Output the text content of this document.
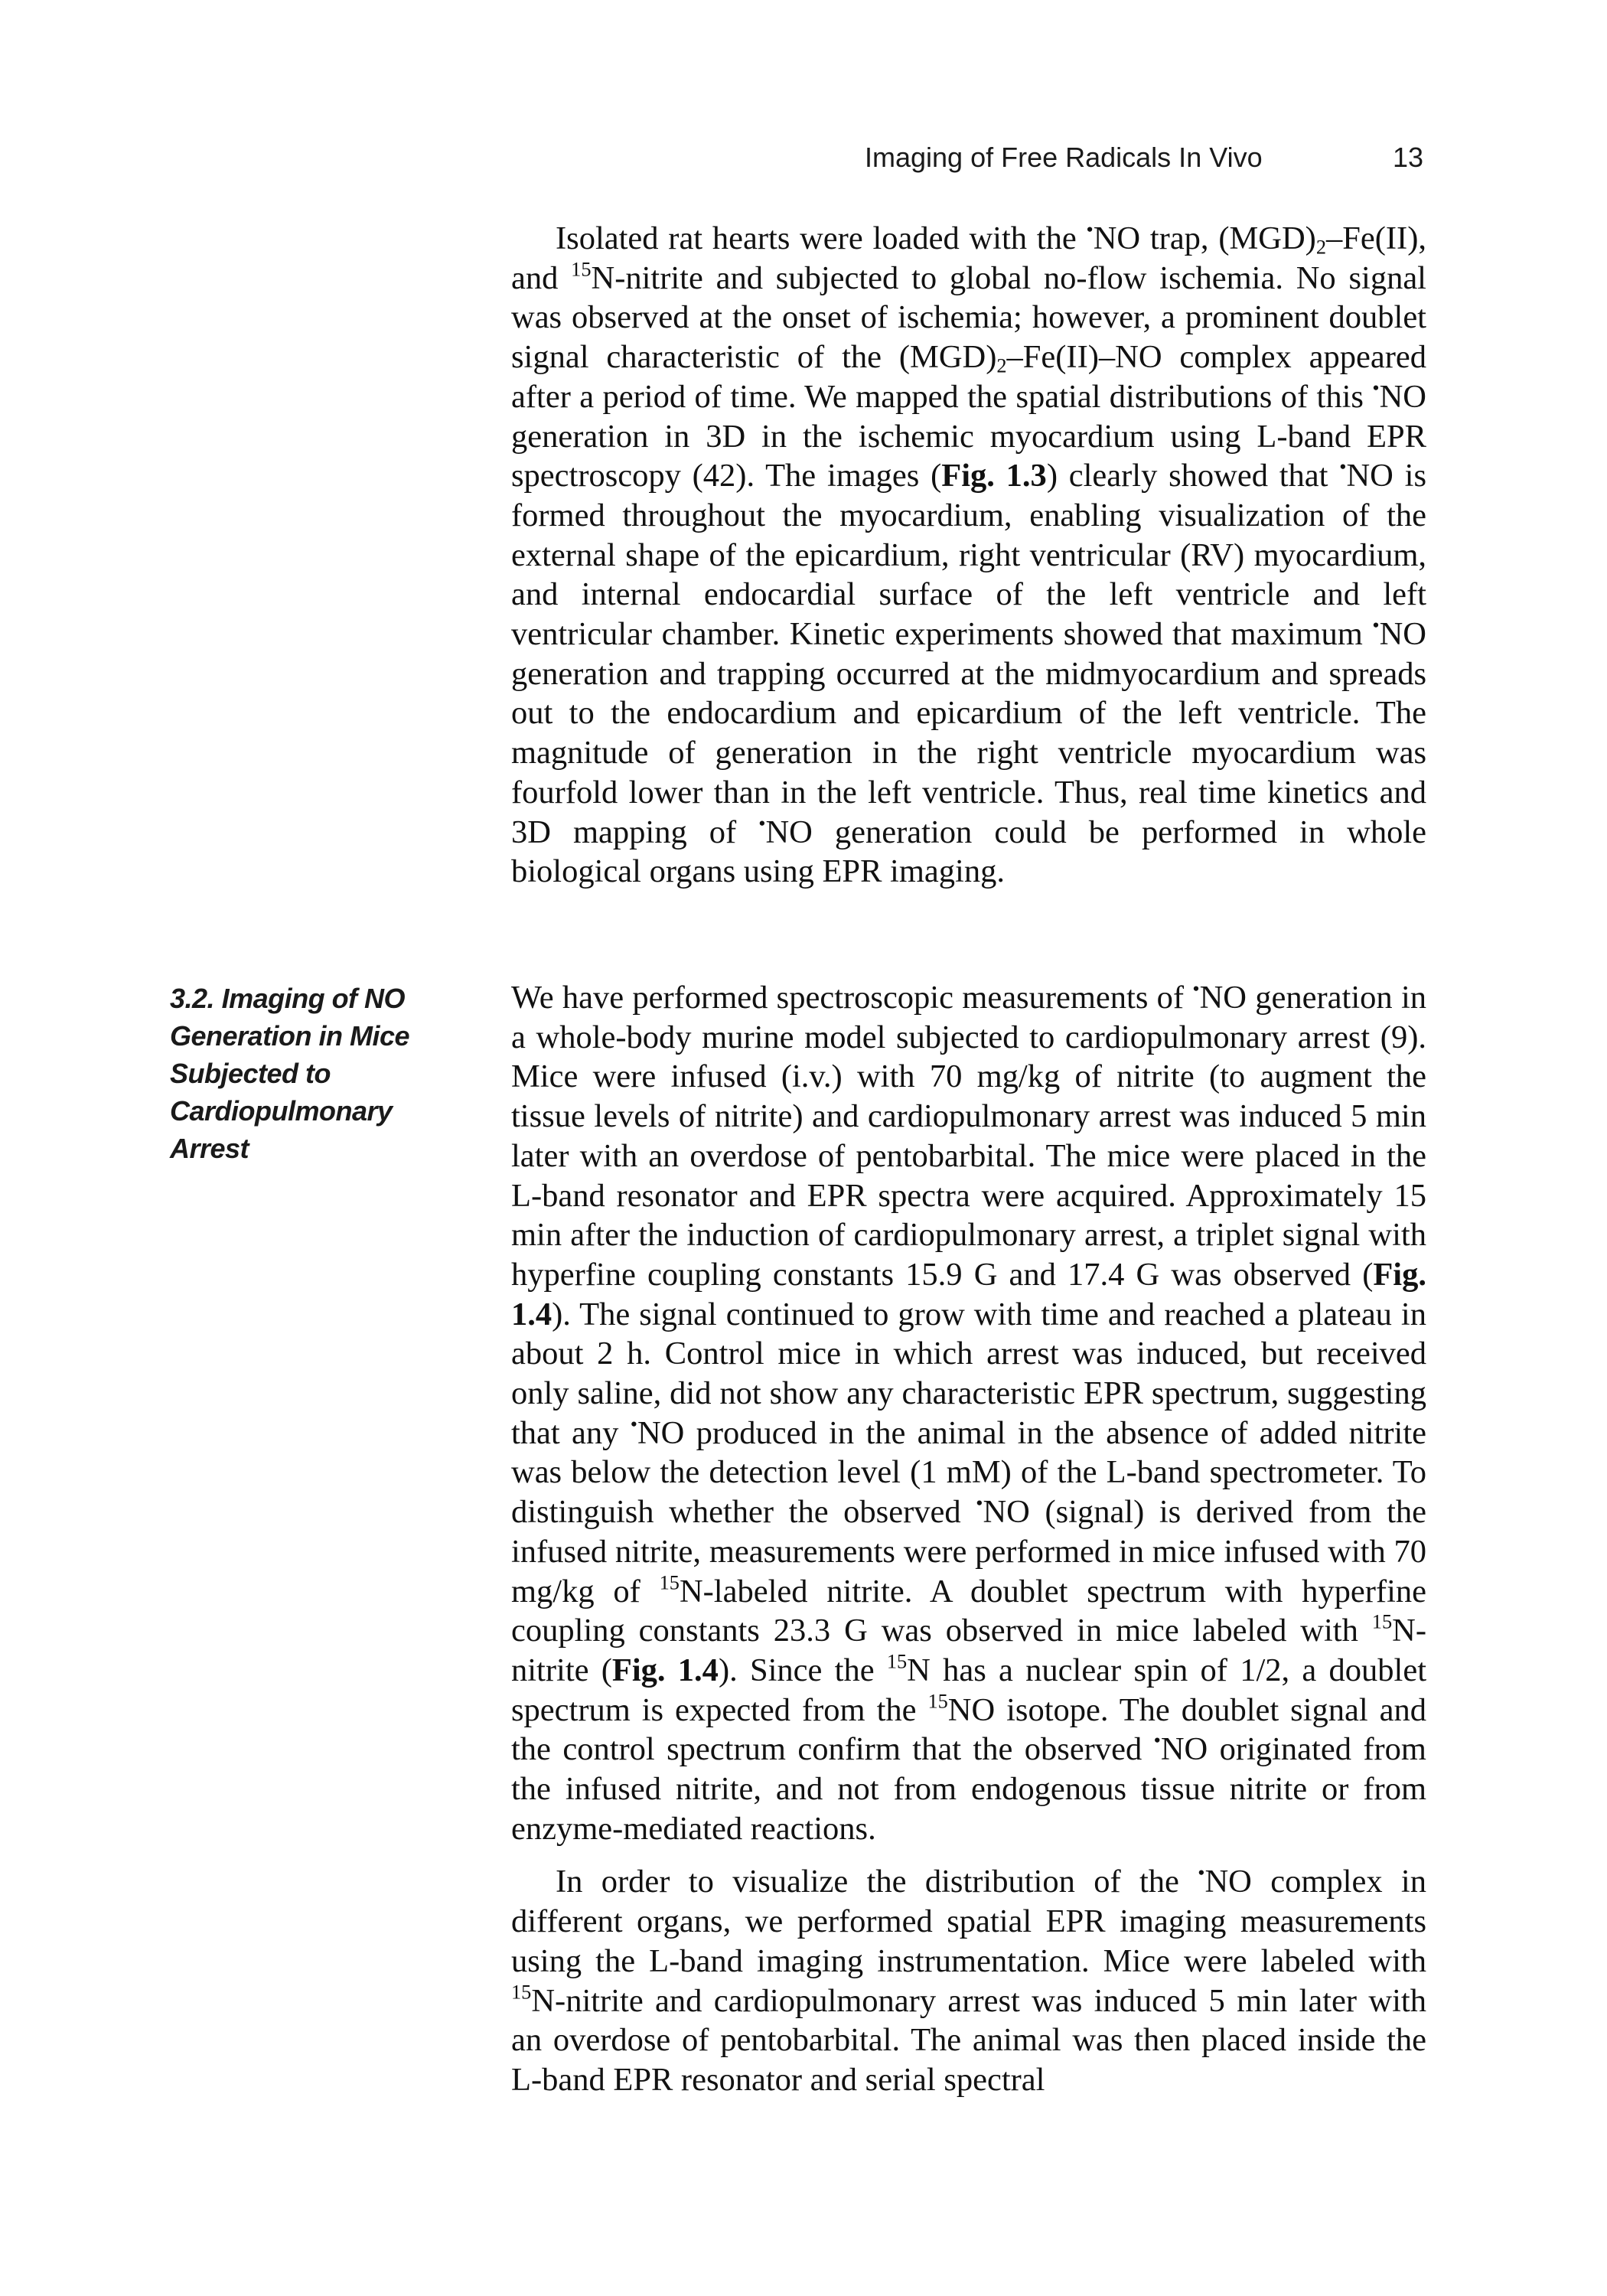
Imaging of Free Radicals In Vivo	13

Isolated rat hearts were loaded with the •NO trap, $(MGD)_2-Fe(II)$, and $^{15}$N-nitrite and subjected to global no-flow ischemia. No signal was observed at the onset of ischemia; however, a prominent doublet signal characteristic of the $(MGD)_2-Fe(II)-NO$ complex appeared after a period of time. We mapped the spatial distributions of this •NO generation in 3D in the ischemic myocardium using L-band EPR spectroscopy (42). The images (Fig. 1.3) clearly showed that •NO is formed throughout the myocardium, enabling visualization of the external shape of the epicardium, right ventricular (RV) myocardium, and internal endocardial surface of the left ventricle and left ventricular chamber. Kinetic experiments showed that maximum •NO generation and trapping occurred at the midmyocardium and spreads out to the endocardium and epicardium of the left ventricle. The magnitude of generation in the right ventricle myocardium was fourfold lower than in the left ventricle. Thus, real time kinetics and 3D mapping of •NO generation could be performed in whole biological organs using EPR imaging.

3.2. Imaging of NO Generation in Mice Subjected to Cardiopulmonary Arrest

We have performed spectroscopic measurements of •NO generation in a whole-body murine model subjected to cardiopulmonary arrest (9). Mice were infused (i.v.) with 70 mg/kg of nitrite (to augment the tissue levels of nitrite) and cardiopulmonary arrest was induced 5 min later with an overdose of pentobarbital. The mice were placed in the L-band resonator and EPR spectra were acquired. Approximately 15 min after the induction of cardiopulmonary arrest, a triplet signal with hyperfine coupling constants 15.9 G and 17.4 G was observed (Fig. 1.4). The signal continued to grow with time and reached a plateau in about 2 h. Control mice in which arrest was induced, but received only saline, did not show any characteristic EPR spectrum, suggesting that any •NO produced in the animal in the absence of added nitrite was below the detection level (1 mM) of the L-band spectrometer. To distinguish whether the observed •NO (signal) is derived from the infused nitrite, measurements were performed in mice infused with 70 mg/kg of $^{15}$N-labeled nitrite. A doublet spectrum with hyperfine coupling constants 23.3 G was observed in mice labeled with $^{15}$N-nitrite (Fig. 1.4). Since the $^{15}$N has a nuclear spin of 1/2, a doublet spectrum is expected from the $^{15}$NO isotope. The doublet signal and the control spectrum confirm that the observed •NO originated from the infused nitrite, and not from endogenous tissue nitrite or from enzyme-mediated reactions.

In order to visualize the distribution of the •NO complex in different organs, we performed spatial EPR imaging measurements using the L-band imaging instrumentation. Mice were labeled with $^{15}$N-nitrite and cardiopulmonary arrest was induced 5 min later with an overdose of pentobarbital. The animal was then placed inside the L-band EPR resonator and serial spectral
